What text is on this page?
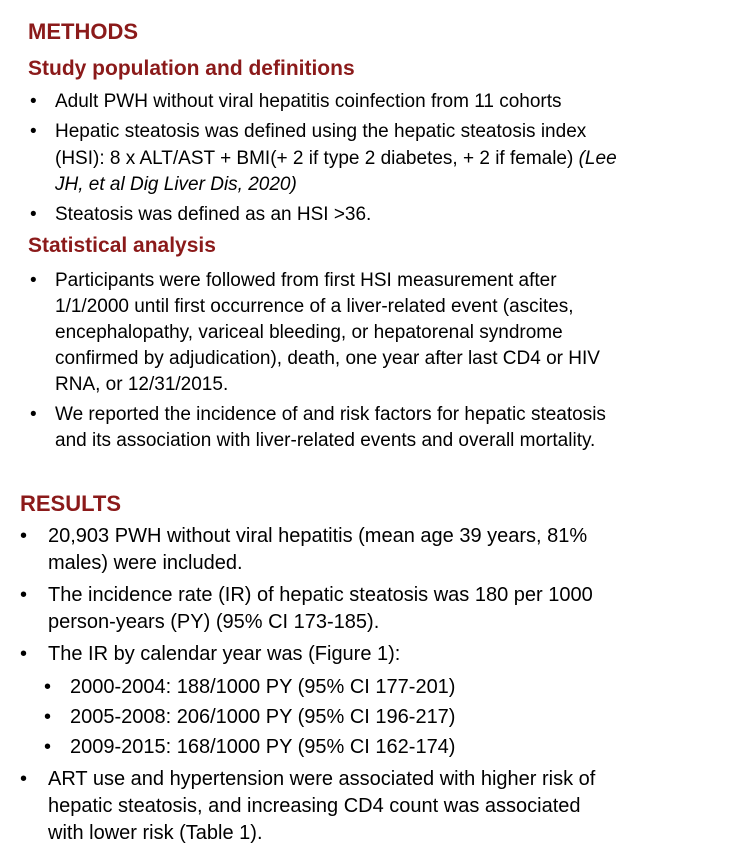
METHODS
Study population and definitions
• Adult PWH without viral hepatitis coinfection from 11 cohorts
• Hepatic steatosis was defined using the hepatic steatosis index
(HSI): 8 x ALT/AST + BMI(+ 2 if type 2 diabetes, + 2 if female) (Lee
JH, et al Dig Liver Dis, 2020)
• Steatosis was defined as an HSI >36.
Statistical analysis
• Participants were followed from first HSI measurement after
1/1/2000 until first occurrence of a liver-related event (ascites,
encephalopathy, variceal bleeding, or hepatorenal syndrome
confirmed by adjudication), death, one year after last CD4 or HIV
RNA, or 12/31/2015.
• We reported the incidence of and risk factors for hepatic steatosis
and its association with liver-related events and overall mortality.
RESULTS
• 20,903 PWH without viral hepatitis (mean age 39 years, 81%
males) were included.
• The incidence rate (IR) of hepatic steatosis was 180 per 1000
person-years (PY) (95% CI 173-185).
• The IR by calendar year was (Figure 1):
• 2000-2004: 188/1000 PY (95% CI 177-201)
• 2005-2008: 206/1000 PY (95% CI 196-217)
• 2009-2015: 168/1000 PY (95% CI 162-174)
• ART use and hypertension were associated with higher risk of
hepatic steatosis, and increasing CD4 count was associated
with lower risk (Table 1).
